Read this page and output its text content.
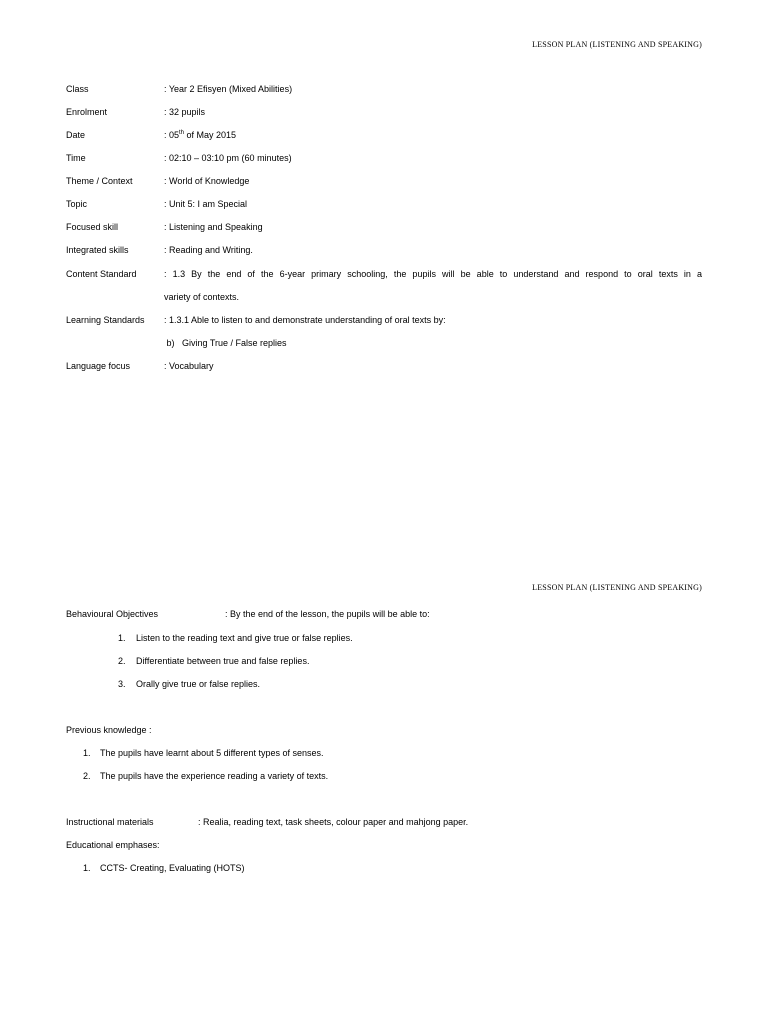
LESSON PLAN (LISTENING AND SPEAKING)
Class	: Year 2 Efisyen (Mixed Abilities)
Enrolment	: 32 pupils
Date	: 05th of May 2015
Time	: 02:10 – 03:10 pm (60 minutes)
Theme / Context	: World of Knowledge
Topic	: Unit 5: I am Special
Focused skill	: Listening and Speaking
Integrated skills	: Reading and Writing.
Content Standard	: 1.3 By the end of the 6-year primary schooling, the pupils will be able to understand and respond to oral texts in a
variety of contexts.
Learning Standards : 1.3.1 Able to listen to and demonstrate understanding of oral texts by:
b)   Giving True / False replies
Language focus	: Vocabulary
LESSON PLAN (LISTENING AND SPEAKING)
Behavioural Objectives	: By the end of the lesson, the pupils will be able to:
1. Listen to the reading text and give true or false replies.
2. Differentiate between true and false replies.
3. Orally give true or false replies.
Previous knowledge :
1. The pupils have learnt about 5 different types of senses.
2. The pupils have the experience reading a variety of texts.
Instructional materials	: Realia, reading text, task sheets, colour paper and mahjong paper.
Educational emphases:
1. CCTS- Creating, Evaluating (HOTS)
